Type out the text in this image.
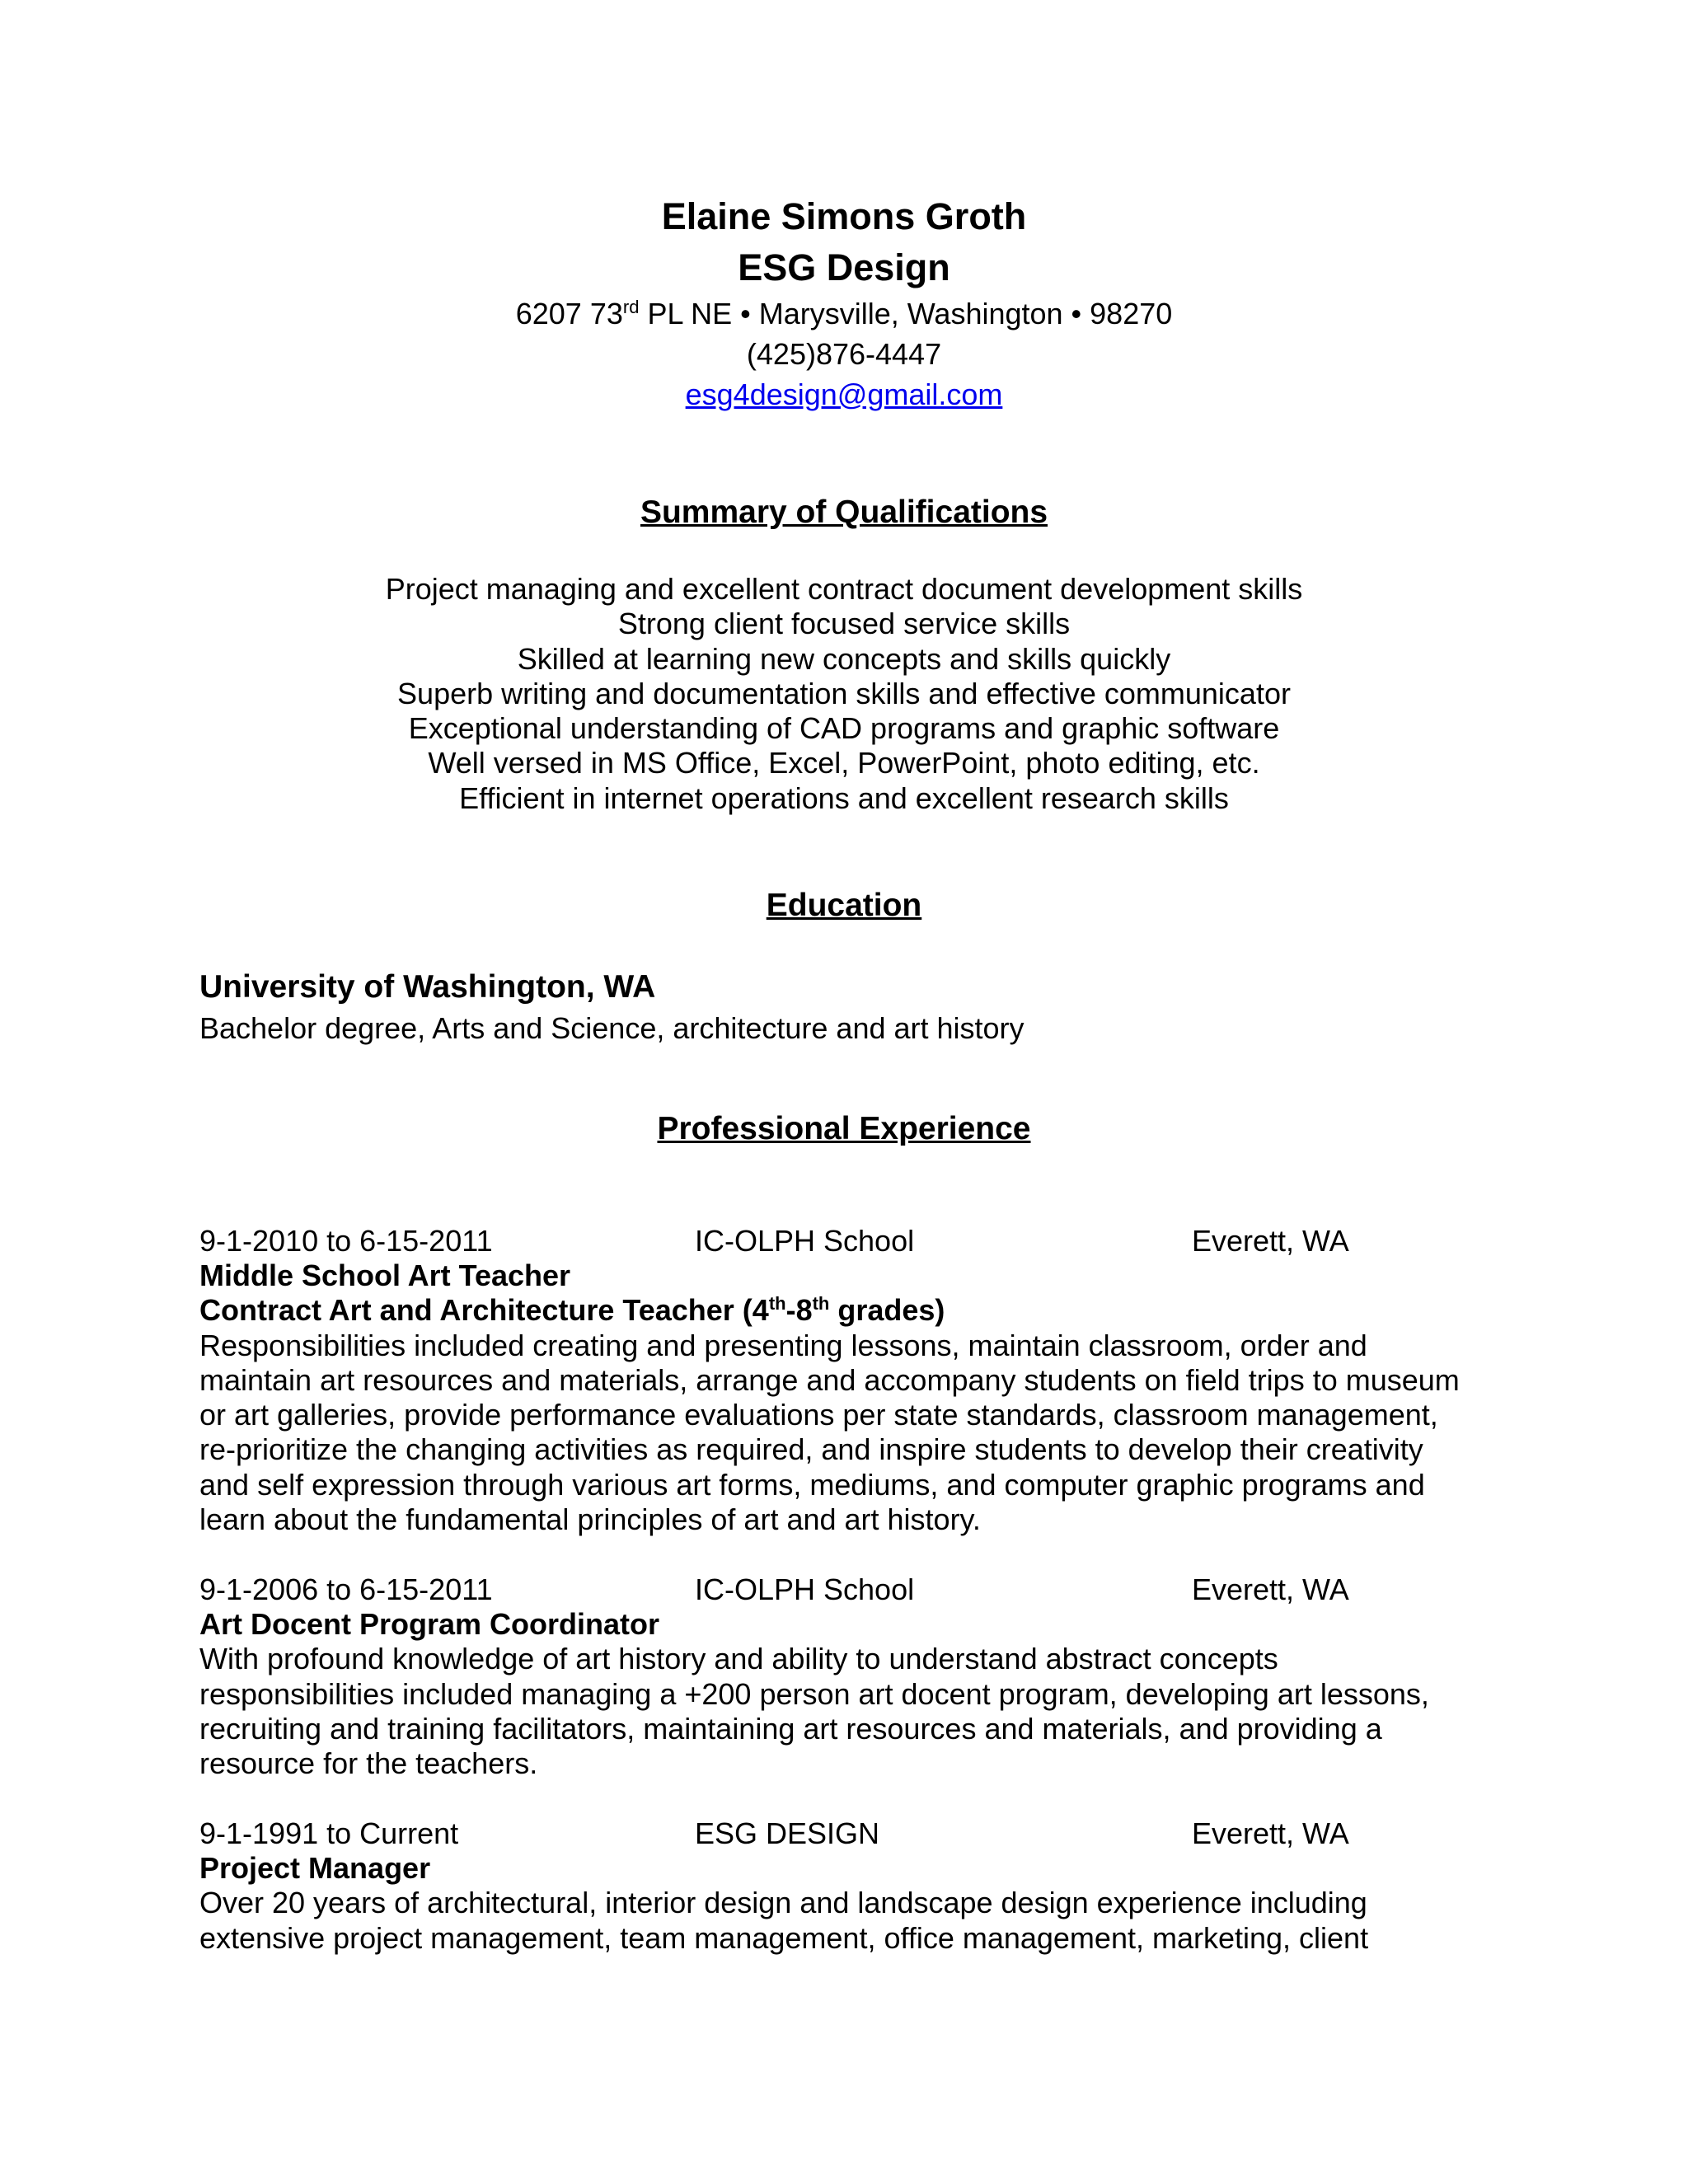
Elaine Simons Groth
ESG Design
6207 73rd PL NE • Marysville, Washington • 98270
(425)876-4447
esg4design@gmail.com
Summary of Qualifications
Project managing and excellent contract document development skills
Strong client focused service skills
Skilled at learning new concepts and skills quickly
Superb writing and documentation skills and effective communicator
Exceptional understanding of CAD programs and graphic software
Well versed in MS Office, Excel, PowerPoint, photo editing, etc.
Efficient in internet operations and excellent research skills
Education
University of Washington, WA
Bachelor degree, Arts and Science, architecture and art history
Professional Experience
9-1-2010 to 6-15-2011	IC-OLPH School	Everett, WA
Middle School Art Teacher
Contract Art and Architecture Teacher (4th-8th grades)
Responsibilities included creating and presenting lessons, maintain classroom, order and
maintain art resources and materials, arrange and accompany students on field trips to museum
or art galleries, provide performance evaluations per state standards, classroom management,
re-prioritize the changing activities as required, and inspire students to develop their creativity
and self expression through various art forms, mediums, and computer graphic programs and
learn about the fundamental principles of art and art history.
9-1-2006 to 6-15-2011	IC-OLPH School	Everett, WA
Art Docent Program Coordinator
With profound knowledge of art history and ability to understand abstract concepts
responsibilities included managing a +200 person art docent program, developing art lessons,
recruiting and training facilitators, maintaining art resources and materials, and providing a
resource for the teachers.
9-1-1991 to Current	ESG DESIGN	Everett, WA
Project Manager
Over 20 years of architectural, interior design and landscape design experience including
extensive project management, team management, office management, marketing, client
